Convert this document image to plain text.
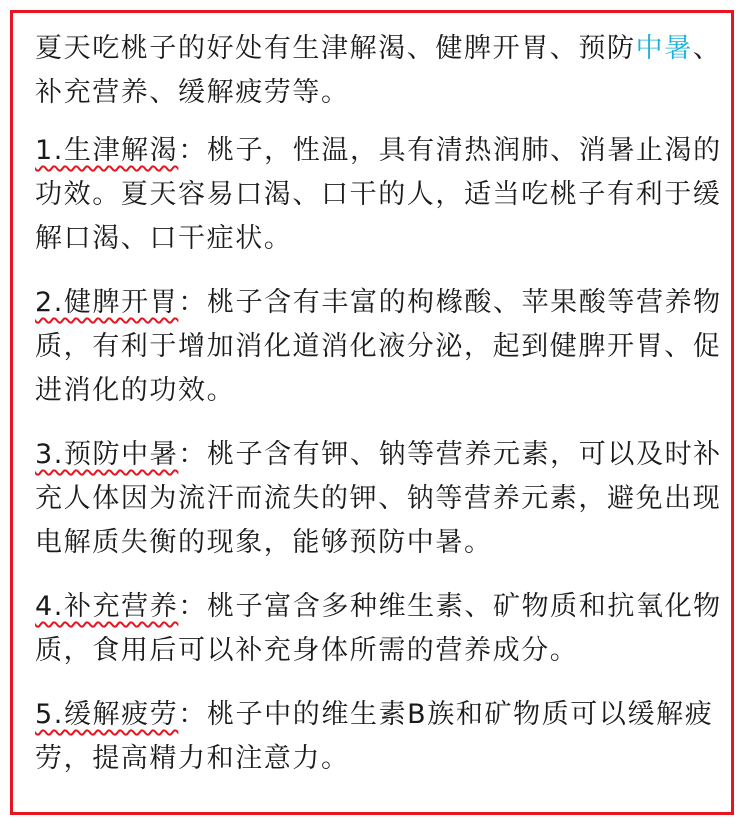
夏天吃桃子的好处有生津解渴、健脾开胃、预防中暑、补充营养、缓解疲劳等。

1.生津解渴：桃子，性温，具有清热润肺、消暑止渴的功效。夏天容易口渴、口干的人，适当吃桃子有利于缓解口渴、口干症状。

2.健脾开胃：桃子含有丰富的枸橼酸、苹果酸等营养物质，有利于增加消化道消化液分泌，起到健脾开胃、促进消化的功效。

3.预防中暑：桃子含有钾、钠等营养元素，可以及时补充人体因为流汗而流失的钾、钠等营养元素，避免出现电解质失衡的现象，能够预防中暑。

4.补充营养：桃子富含多种维生素、矿物质和抗氧化物质，食用后可以补充身体所需的营养成分。

5.缓解疲劳：桃子中的维生素B族和矿物质可以缓解疲劳，提高精力和注意力。
